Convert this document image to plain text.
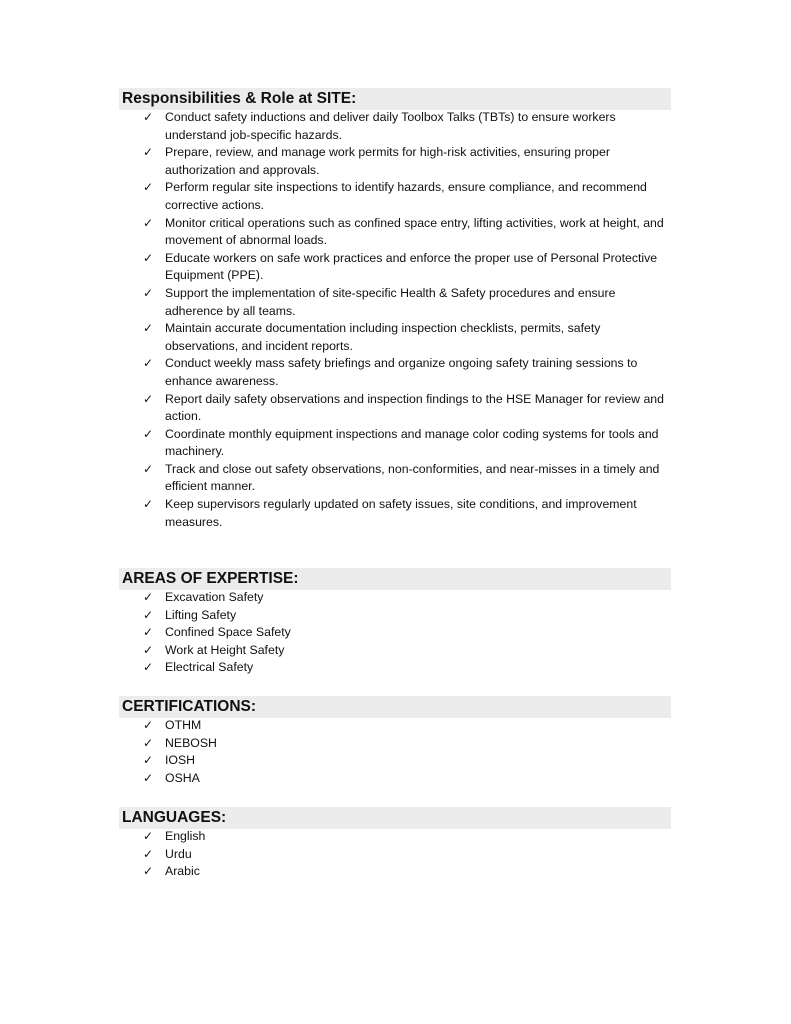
Responsibilities & Role at SITE:
✓ Conduct safety inductions and deliver daily Toolbox Talks (TBTs) to ensure workers understand job-specific hazards.
✓ Prepare, review, and manage work permits for high-risk activities, ensuring proper authorization and approvals.
✓ Perform regular site inspections to identify hazards, ensure compliance, and recommend corrective actions.
✓ Monitor critical operations such as confined space entry, lifting activities, work at height, and movement of abnormal loads.
✓ Educate workers on safe work practices and enforce the proper use of Personal Protective Equipment (PPE).
✓ Support the implementation of site-specific Health & Safety procedures and ensure adherence by all teams.
✓ Maintain accurate documentation including inspection checklists, permits, safety observations, and incident reports.
✓ Conduct weekly mass safety briefings and organize ongoing safety training sessions to enhance awareness.
✓ Report daily safety observations and inspection findings to the HSE Manager for review and action.
✓ Coordinate monthly equipment inspections and manage color coding systems for tools and machinery.
✓ Track and close out safety observations, non-conformities, and near-misses in a timely and efficient manner.
✓ Keep supervisors regularly updated on safety issues, site conditions, and improvement measures.
AREAS OF EXPERTISE:
✓ Excavation Safety
✓ Lifting Safety
✓ Confined Space Safety
✓ Work at Height Safety
✓ Electrical Safety
CERTIFICATIONS:
✓ OTHM
✓ NEBOSH
✓ IOSH
✓ OSHA
LANGUAGES:
✓ English
✓ Urdu
✓ Arabic
